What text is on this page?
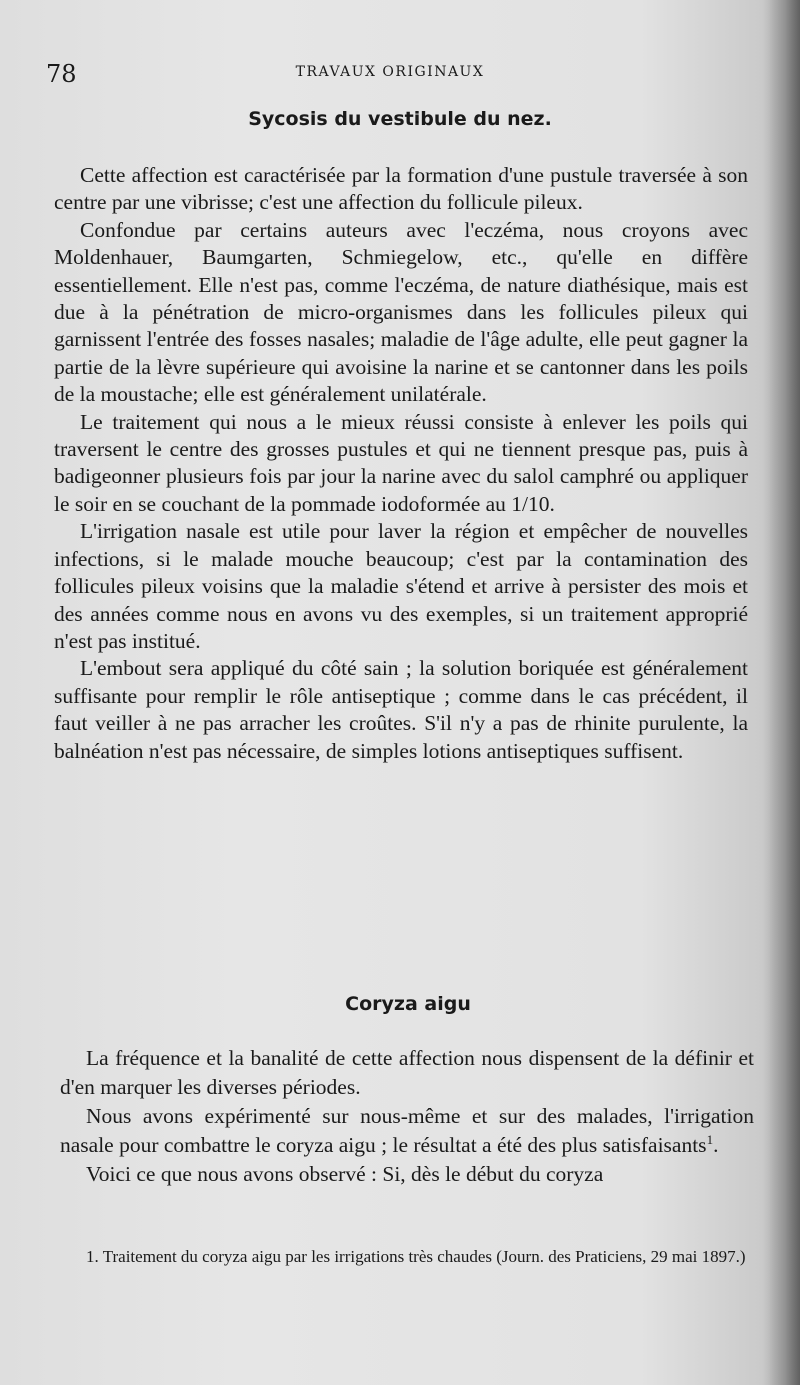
78	TRAVAUX ORIGINAUX
Sycosis du vestibule du nez.

Cette affection est caractérisée par la formation d'une pustule traversée à son centre par une vibrisse; c'est une affection du follicule pileux.

Confondue par certains auteurs avec l'eczéma, nous croyons avec Moldenhauer, Baumgarten, Schmiegelow, etc., qu'elle en diffère essentiellement. Elle n'est pas, comme l'eczéma, de nature diathésique, mais est due à la pénétration de micro-organismes dans les follicules pileux qui garnissent l'entrée des fosses nasales; maladie de l'âge adulte, elle peut gagner la partie de la lèvre supérieure qui avoisine la narine et se cantonner dans les poils de la moustache; elle est généralement unilatérale.

Le traitement qui nous a le mieux réussi consiste à enlever les poils qui traversent le centre des grosses pustules et qui ne tiennent presque pas, puis à badigeonner plusieurs fois par jour la narine avec du salol camphré ou appliquer le soir en se couchant de la pommade iodoformée au 1/10.

L'irrigation nasale est utile pour laver la région et empêcher de nouvelles infections, si le malade mouche beaucoup; c'est par la contamination des follicules pileux voisins que la maladie s'étend et arrive à persister des mois et des années comme nous en avons vu des exemples, si un traitement approprié n'est pas institué.

L'embout sera appliqué du côté sain ; la solution boriquée est généralement suffisante pour remplir le rôle antiseptique ; comme dans le cas précédent, il faut veiller à ne pas arracher les croûtes. S'il n'y a pas de rhinite purulente, la balnéation n'est pas nécessaire, de simples lotions antiseptiques suffisent.

Coryza aigu

La fréquence et la banalité de cette affection nous dispensent de la définir et d'en marquer les diverses périodes.

Nous avons expérimenté sur nous-même et sur des malades, l'irrigation nasale pour combattre le coryza aigu ; le résultat a été des plus satisfaisants$^1$.

Voici ce que nous avons observé : Si, dès le début du coryza

1. Traitement du coryza aigu par les irrigations très chaudes (Journ. des Praticiens, 29 mai 1897.)
